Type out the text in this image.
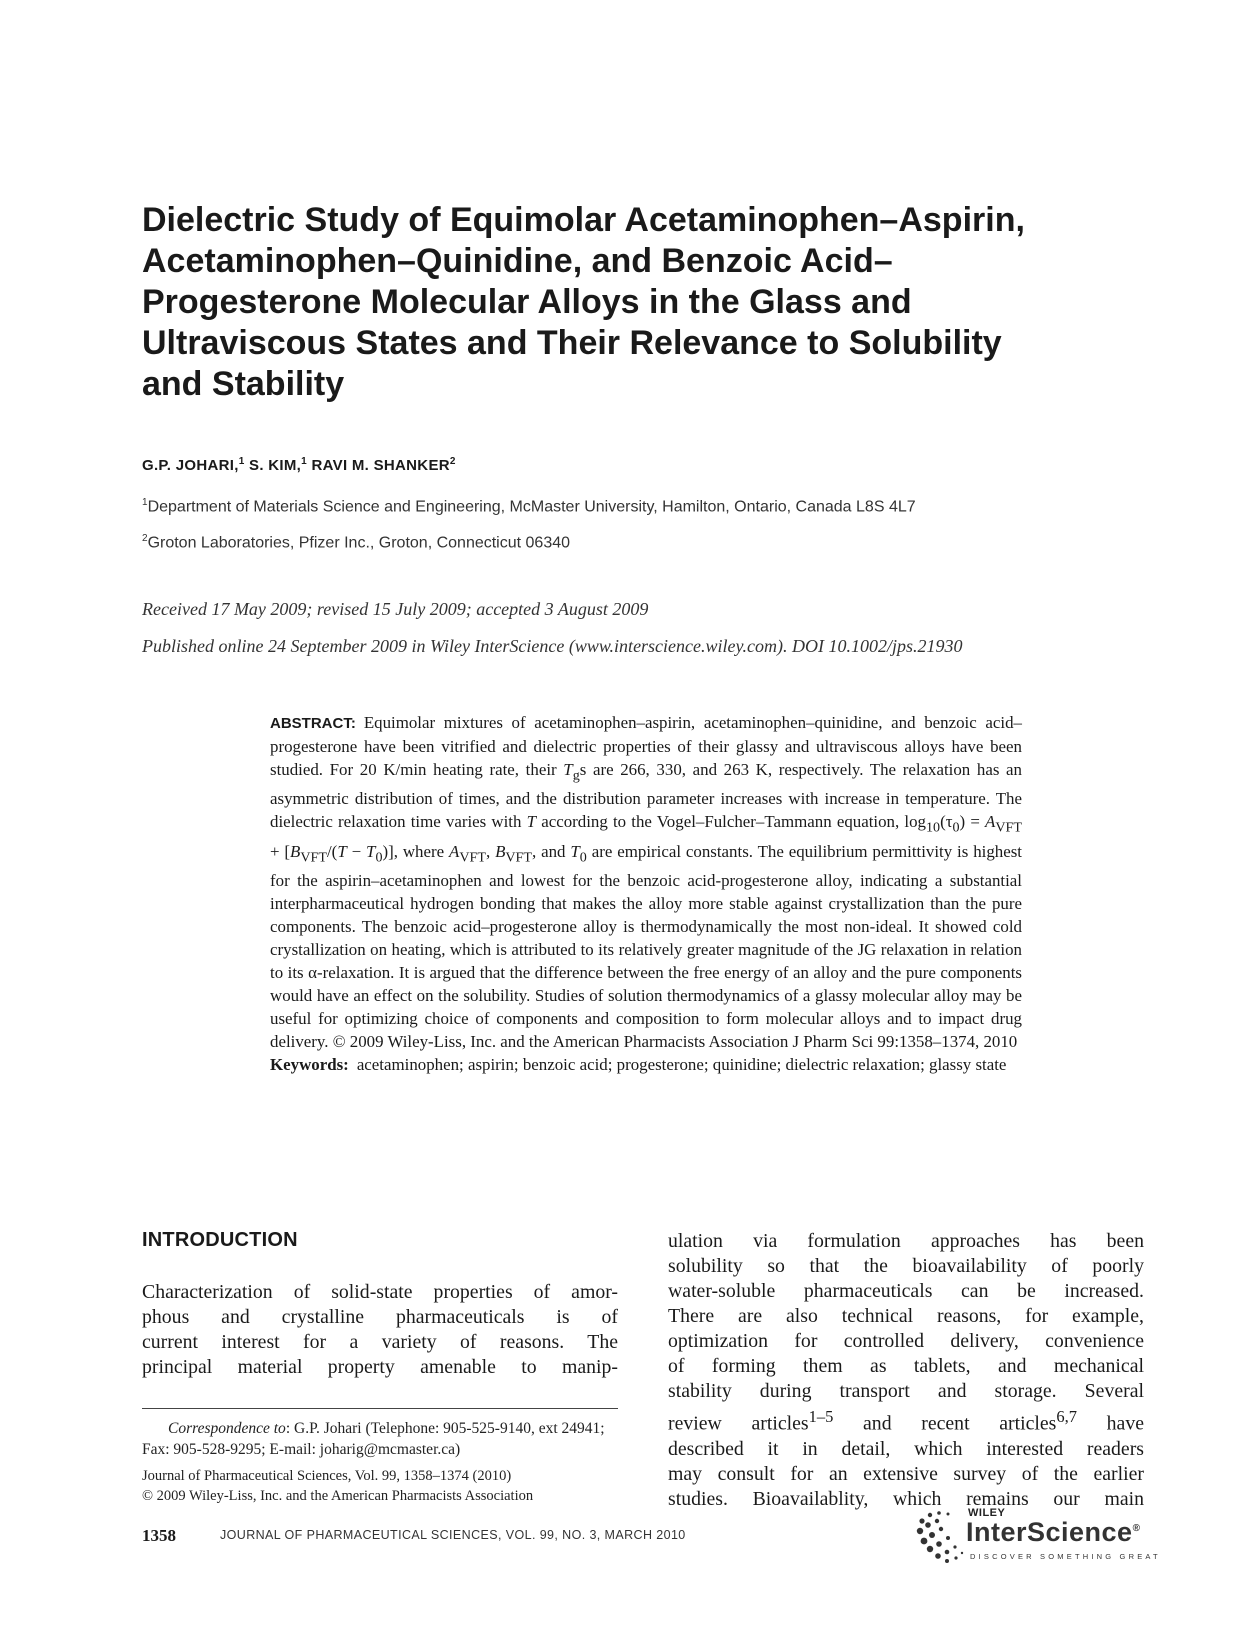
Dielectric Study of Equimolar Acetaminophen–Aspirin,
Acetaminophen–Quinidine, and Benzoic Acid–
Progesterone Molecular Alloys in the Glass and
Ultraviscous States and Their Relevance to Solubility
and Stability
G.P. JOHARI,$^1$ S. KIM,$^1$ RAVI M. SHANKER$^2$
$^1$Department of Materials Science and Engineering, McMaster University, Hamilton, Ontario, Canada L8S 4L7
$^2$Groton Laboratories, Pfizer Inc., Groton, Connecticut 06340
Received 17 May 2009; revised 15 July 2009; accepted 3 August 2009
Published online 24 September 2009 in Wiley InterScience (www.interscience.wiley.com). DOI 10.1002/jps.21930

ABSTRACT: Equimolar mixtures of acetaminophen–aspirin, acetaminophen–quinidine, and benzoic acid–progesterone have been vitrified and dielectric properties of their glassy and ultraviscous alloys have been studied. For 20 K/min heating rate, their $T_gs$ are 266, 330, and 263 K, respectively. The relaxation has an asymmetric distribution of times, and the distribution parameter increases with increase in temperature. The dielectric relaxation time varies with T according to the Vogel–Fulcher–Tammann equation, $\log_{10}(\tau_0) = A_{VFT} + [B_{VFT}/(T - T_0)]$, where $A_{VFT}$, $B_{VFT}$, and $T_0$ are empirical constants. The equilibrium permittivity is highest for the aspirin–acetaminophen and lowest for the benzoic acid-progesterone alloy, indicating a substantial interpharmaceutical hydrogen bonding that makes the alloy more stable against crystallization than the pure components. The benzoic acid–progesterone alloy is thermodynamically the most non-ideal. It showed cold crystallization on heating, which is attributed to its relatively greater magnitude of the JG relaxation in relation to its α-relaxation. It is argued that the difference between the free energy of an alloy and the pure components would have an effect on the solubility. Studies of solution thermodynamics of a glassy molecular alloy may be useful for optimizing choice of components and composition to form molecular alloys and to impact drug delivery. © 2009 Wiley-Liss, Inc. and the American Pharmacists Association J Pharm Sci 99:1358–1374, 2010

Keywords: acetaminophen; aspirin; benzoic acid; progesterone; quinidine; dielectric relaxation; glassy state

INTRODUCTION
Characterization of solid-state properties of amor-
phous and crystalline pharmaceuticals is of
current interest for a variety of reasons. The
principal material property amenable to manip-
ulation via formulation approaches has been
solubility so that the bioavailability of poorly
water-soluble pharmaceuticals can be increased.
There are also technical reasons, for example,
optimization for controlled delivery, convenience
of forming them as tablets, and mechanical
stability during transport and storage. Several
review articles$^{1-5}$ and recent articles$^{6,7}$ have
described it in detail, which interested readers
may consult for an extensive survey of the earlier
studies. Bioavailablity, which remains our main
Correspondence to: G.P. Johari (Telephone: 905-525-9140, ext 24941; Fax: 905-528-9295; E-mail: joharig@mcmaster.ca)
Journal of Pharmaceutical Sciences, Vol. 99, 1358–1374 (2010)
© 2009 Wiley-Liss, Inc. and the American Pharmacists Association
1358	JOURNAL OF PHARMACEUTICAL SCIENCES, VOL. 99, NO. 3, MARCH 2010
WILEY
InterScience®
DISCOVER SOMETHING GREAT
